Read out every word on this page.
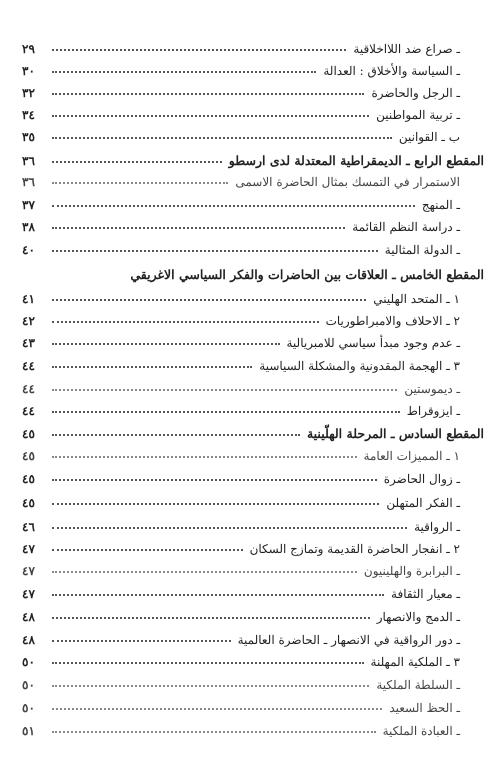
ـ صراع ضد اللااخلاقية
٢٩
ـ السياسة والأخلاق : العدالة
٣٠
ـ الرجل والحاضرة
٣٢
ـ تربية المواطنين
٣٤
ب ـ القوانين
٣٥
المقطع الرابع ـ الديمقراطية المعتدلة لدى ارسطو
٣٦
الاستمرار في التمسك بمثال الحاضرة الاسمى
٣٦
ـ المنهج
٣٧
ـ دراسة النظم القائمة
٣٨
ـ الدولة المثالية
٤٠
المقطع الخامس ـ العلاقات بين الحاضرات والفكر السياسي الاغريقي
١ ـ المتحد الهليني
٤١
٢ ـ الاحلاف والامبراطوريات
٤٢
ـ عدم وجود مبدأ سياسي للامبريالية
٤٣
٣ ـ الهجمة المقدونية والمشكلة السياسية
٤٤
ـ ديموستين
٤٤
ـ ايزوقراط
٤٤
المقطع السادس ـ المرحلة الهلّينية
٤٥
١ ـ المميزات العامة
٤٥
ـ زوال الحاضرة
٤٥
ـ الفكر المتهلن
٤٥
ـ الرواقية
٤٦
٢ ـ انفجار الحاضرة القديمة وتمازج السكان
٤٧
ـ البرابرة والهلينيون
٤٧
ـ معيار الثقافة
٤٧
ـ الدمج والانصهار
٤٨
ـ دور الرواقية في الانصهار ـ الحاضرة العالمية
٤٨
٣ ـ الملكية المهلنة
٥٠
ـ السلطة الملكية
٥٠
ـ الحظ السعيد
٥٠
ـ العبادة الملكية
٥١
